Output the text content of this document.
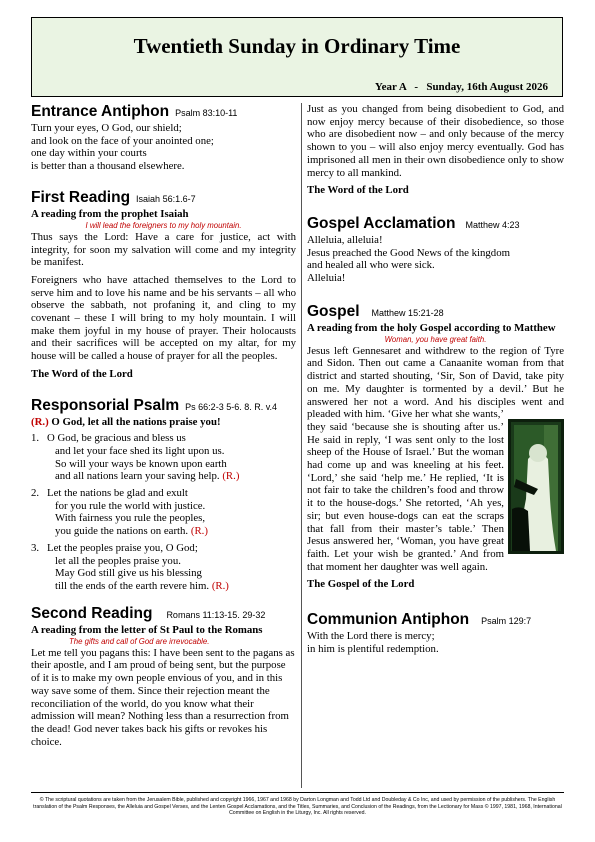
Twentieth Sunday in Ordinary Time
Year A   -   Sunday, 16th August 2026
Entrance Antiphon Psalm 83:10-11

Turn your eyes, O God, our shield;

and look on the face of your anointed one;

one day within your courts

is better than a thousand elsewhere.

First Reading Isaiah 56:1.6-7
A reading from the prophet Isaiah
I will lead the foreigners to my holy mountain.

Thus says the Lord: Have a care for justice, act with integrity, for soon my salvation will come and my integrity be manifest.

Foreigners who have attached themselves to the Lord to serve him and to love his name and be his servants – all who observe the sabbath, not profaning it, and cling to my covenant – these I will bring to my holy mountain. I will make them joyful in my house of prayer. Their holocausts and their sacrifices will be accepted on my altar, for my house will be called a house of prayer for all the peoples.

The Word of the Lord

Responsorial Psalm Ps 66:2-3 5-6. 8. R. v.4

(R.) O God, let all the nations praise you!

1. O God, be gracious and bless us
and let your face shed its light upon us.
So will your ways be known upon earth
and all nations learn your saving help. (R.)
2. Let the nations be glad and exult
for you rule the world with justice.
With fairness you rule the peoples,
you guide the nations on earth. (R.)
3. Let the peoples praise you, O God;
let all the peoples praise you.
May God still give us his blessing
till the ends of the earth revere him. (R.)
Second Reading Romans 11:13-15. 29-32
A reading from the letter of St Paul to the Romans
The gifts and call of God are irrevocable.

Let me tell you pagans this: I have been sent to the pagans as their apostle, and I am proud of being sent, but the purpose of it is to make my own people envious of you, and in this way save some of them. Since their rejection meant the reconciliation of the world, do you know what their admission will mean? Nothing less than a resurrection from the dead! God never takes back his gifts or revokes his choice.

Just as you changed from being disobedient to God, and now enjoy mercy because of their disobedience, so those who are disobedient now – and only because of the mercy shown to you – will also enjoy mercy eventually. God has imprisoned all men in their own disobedience only to show mercy to all mankind.

The Word of the Lord

Gospel Acclamation Matthew 4:23

Alleluia, alleluia!

Jesus preached the Good News of the kingdom

and healed all who were sick.

Alleluia!

Gospel Matthew 15:21-28
A reading from the holy Gospel according to Matthew
Woman, you have great faith.
Jesus left Gennesaret and withdrew to the region of Tyre and Sidon. Then out came a Canaanite woman from that district and started shouting, ‘Sir, Son of David, take pity on me. My daughter is tormented by a devil.’ But he answered her not a word. And his disciples went and pleaded with him. ‘Give her what she wants,’ they said ‘because she is shouting after us.’ He said in reply, ‘I was sent only to the lost sheep of the House of Israel.’ But the woman had come up and was kneeling at his feet. ‘Lord,’ she said ‘help me.’ He replied, ‘It is not fair to take the children’s food and throw it to the house-dogs.’ She retorted, ‘Ah yes, sir; but even house-dogs can eat the scraps that fall from their master’s table.’ Then Jesus answered her, ‘Woman, you have great faith. Let your wish be granted.’ And from that moment her daughter was well again.

The Gospel of the Lord

Communion Antiphon Psalm 129:7

With the Lord there is mercy;

in him is plentiful redemption.

© The scriptural quotations are taken from the Jerusalem Bible, published and copyright 1966, 1967 and 1968 by Darton Longman and Todd Ltd and Doubleday & Co Inc, and used by permission of the publishers. The English translation of the Psalm Responses, the Alleluia and Gospel Verses, and the Lenten Gospel Acclamations, and the Titles, Summaries, and Conclusion of the Readings, from the Lectionary for Mass © 1997, 1981, 1968, International Committee on English in the Liturgy, Inc. All rights reserved.
